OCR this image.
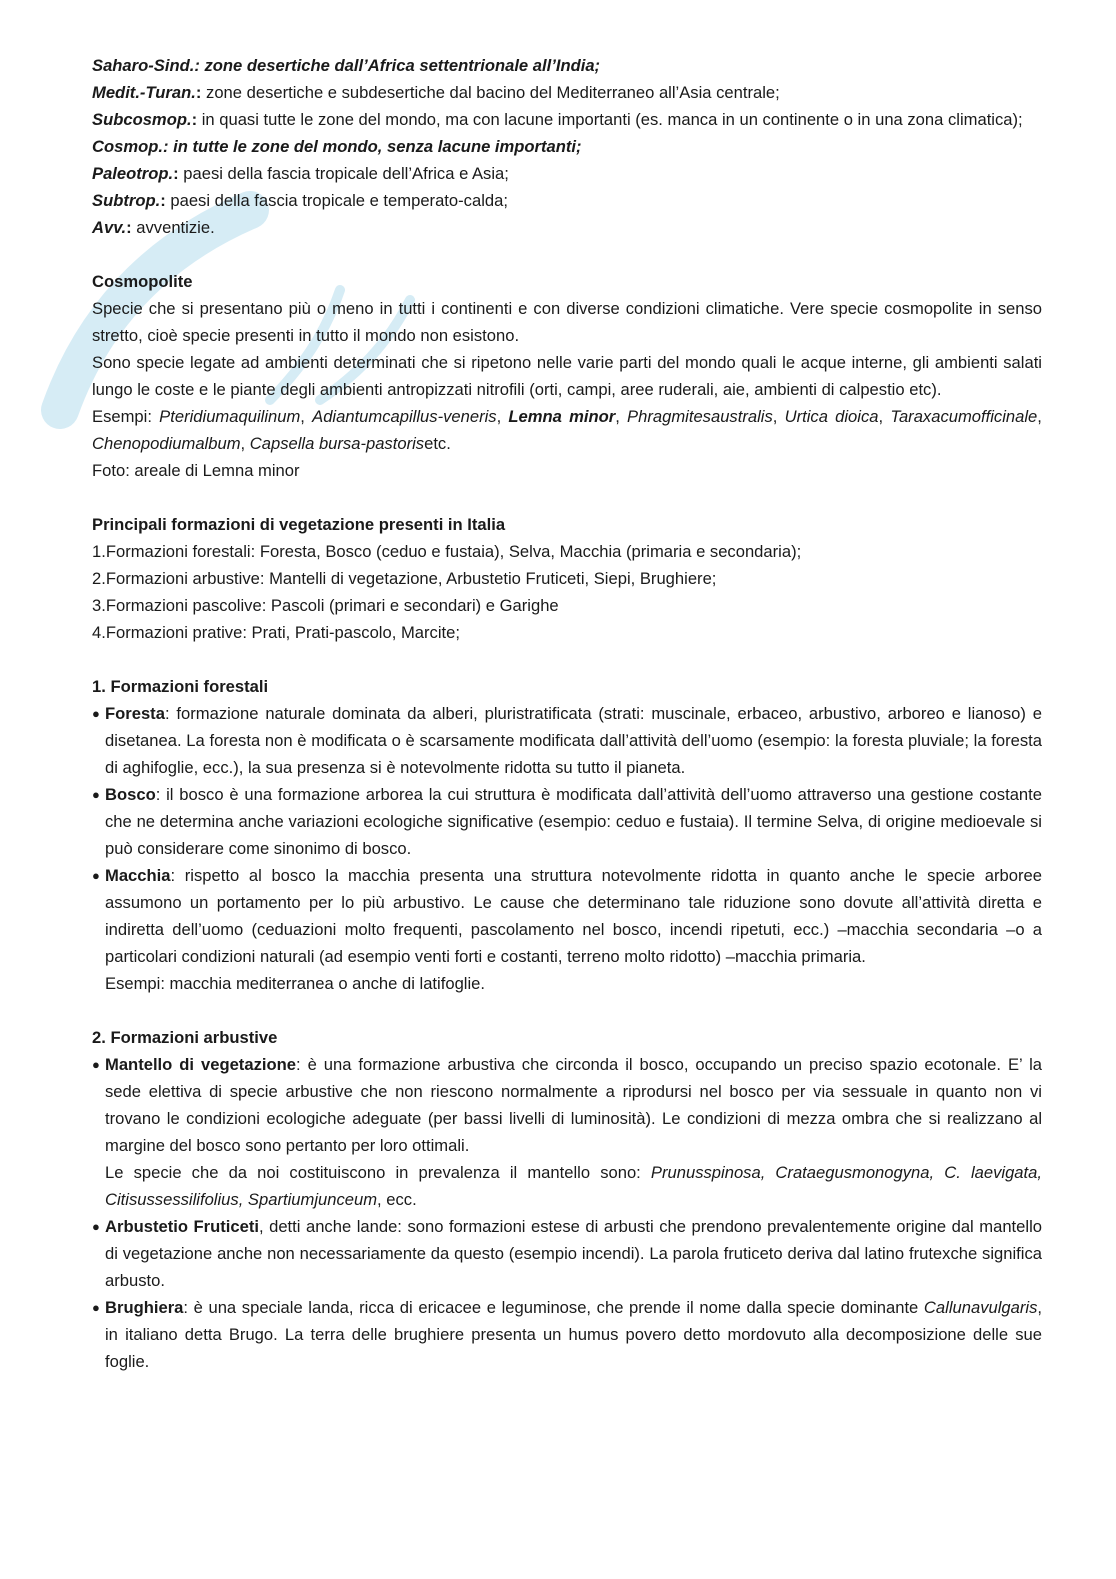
Saharo-Sind.: zone desertiche dall’Africa settentrionale all’India;

Medit.-Turan.: zone desertiche e subdesertiche dal bacino del Mediterraneo all’Asia centrale;

Subcosmop.: in quasi tutte le zone del mondo, ma con lacune importanti (es. manca in un continente o in una zona climatica);

Cosmop.: in tutte le zone del mondo, senza lacune importanti;

Paleotrop.: paesi della fascia tropicale dell’Africa e Asia;

Subtrop.: paesi della fascia tropicale e temperato-calda;

Avv.: avventizie.

Cosmopolite

Specie che si presentano più o meno in tutti i continenti e con diverse condizioni climatiche. Vere specie cosmopolite in senso stretto, cioè specie presenti in tutto il mondo non esistono.

Sono specie legate ad ambienti determinati che si ripetono nelle varie parti del mondo quali le acque interne, gli ambienti salati lungo le coste e le piante degli ambienti antropizzati nitrofili (orti, campi, aree ruderali, aie, ambienti di calpestio etc).

Esempi: Pteridiumaquilinum, Adiantumcapillus-veneris, Lemna minor, Phragmitesaustralis, Urtica dioica, Taraxacumofficinale, Chenopodiumalbum, Capsella bursa-pastorisetc.

Foto: areale di Lemna minor

Principali formazioni di vegetazione presenti in Italia

1.Formazioni forestali: Foresta, Bosco (ceduo e fustaia), Selva, Macchia (primaria e secondaria);

2.Formazioni arbustive: Mantelli di vegetazione, Arbustetio Fruticeti, Siepi, Brughiere;

3.Formazioni pascolive: Pascoli (primari e secondari) e Garighe

4.Formazioni prative: Prati, Prati-pascolo, Marcite;

1. Formazioni forestali

● Foresta: formazione naturale dominata da alberi, pluristratificata (strati: muscinale, erbaceo, arbustivo, arboreo e lianoso) e disetanea. La foresta non è modificata o è scarsamente modificata dall’attività dell’uomo (esempio: la foresta pluviale; la foresta di aghifoglie, ecc.), la sua presenza si è notevolmente ridotta su tutto il pianeta.
● Bosco: il bosco è una formazione arborea la cui struttura è modificata dall’attività dell’uomo attraverso una gestione costante che ne determina anche variazioni ecologiche significative (esempio: ceduo e fustaia). Il termine Selva, di origine medioevale si può considerare come sinonimo di bosco.
● Macchia: rispetto al bosco la macchia presenta una struttura notevolmente ridotta in quanto anche le specie arboree assumono un portamento per lo più arbustivo. Le cause che determinano tale riduzione sono dovute all’attività diretta e indiretta dell’uomo (ceduazioni molto frequenti, pascolamento nel bosco, incendi ripetuti, ecc.) –macchia secondaria –o a particolari condizioni naturali (ad esempio venti forti e costanti, terreno molto ridotto) –macchia primaria.

Esempi: macchia mediterranea o anche di latifoglie.

2. Formazioni arbustive

● Mantello di vegetazione: è una formazione arbustiva che circonda il bosco, occupando un preciso spazio ecotonale. E’ la sede elettiva di specie arbustive che non riescono normalmente a riprodursi nel bosco per via sessuale in quanto non vi trovano le condizioni ecologiche adeguate (per bassi livelli di luminosità). Le condizioni di mezza ombra che si realizzano al margine del bosco sono pertanto per loro ottimali.

Le specie che da noi costituiscono in prevalenza il mantello sono: Prunusspinosa, Crataegusmonogyna, C. laevigata, Citisussessilifolius, Spartiumjunceum, ecc.

● Arbustetio Fruticeti, detti anche lande: sono formazioni estese di arbusti che prendono prevalentemente origine dal mantello di vegetazione anche non necessariamente da questo (esempio incendi). La parola fruticeto deriva dal latino frutexche significa arbusto.
● Brughiera: è una speciale landa, ricca di ericacee e leguminose, che prende il nome dalla specie dominante Callunavulgaris, in italiano detta Brugo. La terra delle brughiere presenta un humus povero detto mordovuto alla decomposizione delle sue foglie.
